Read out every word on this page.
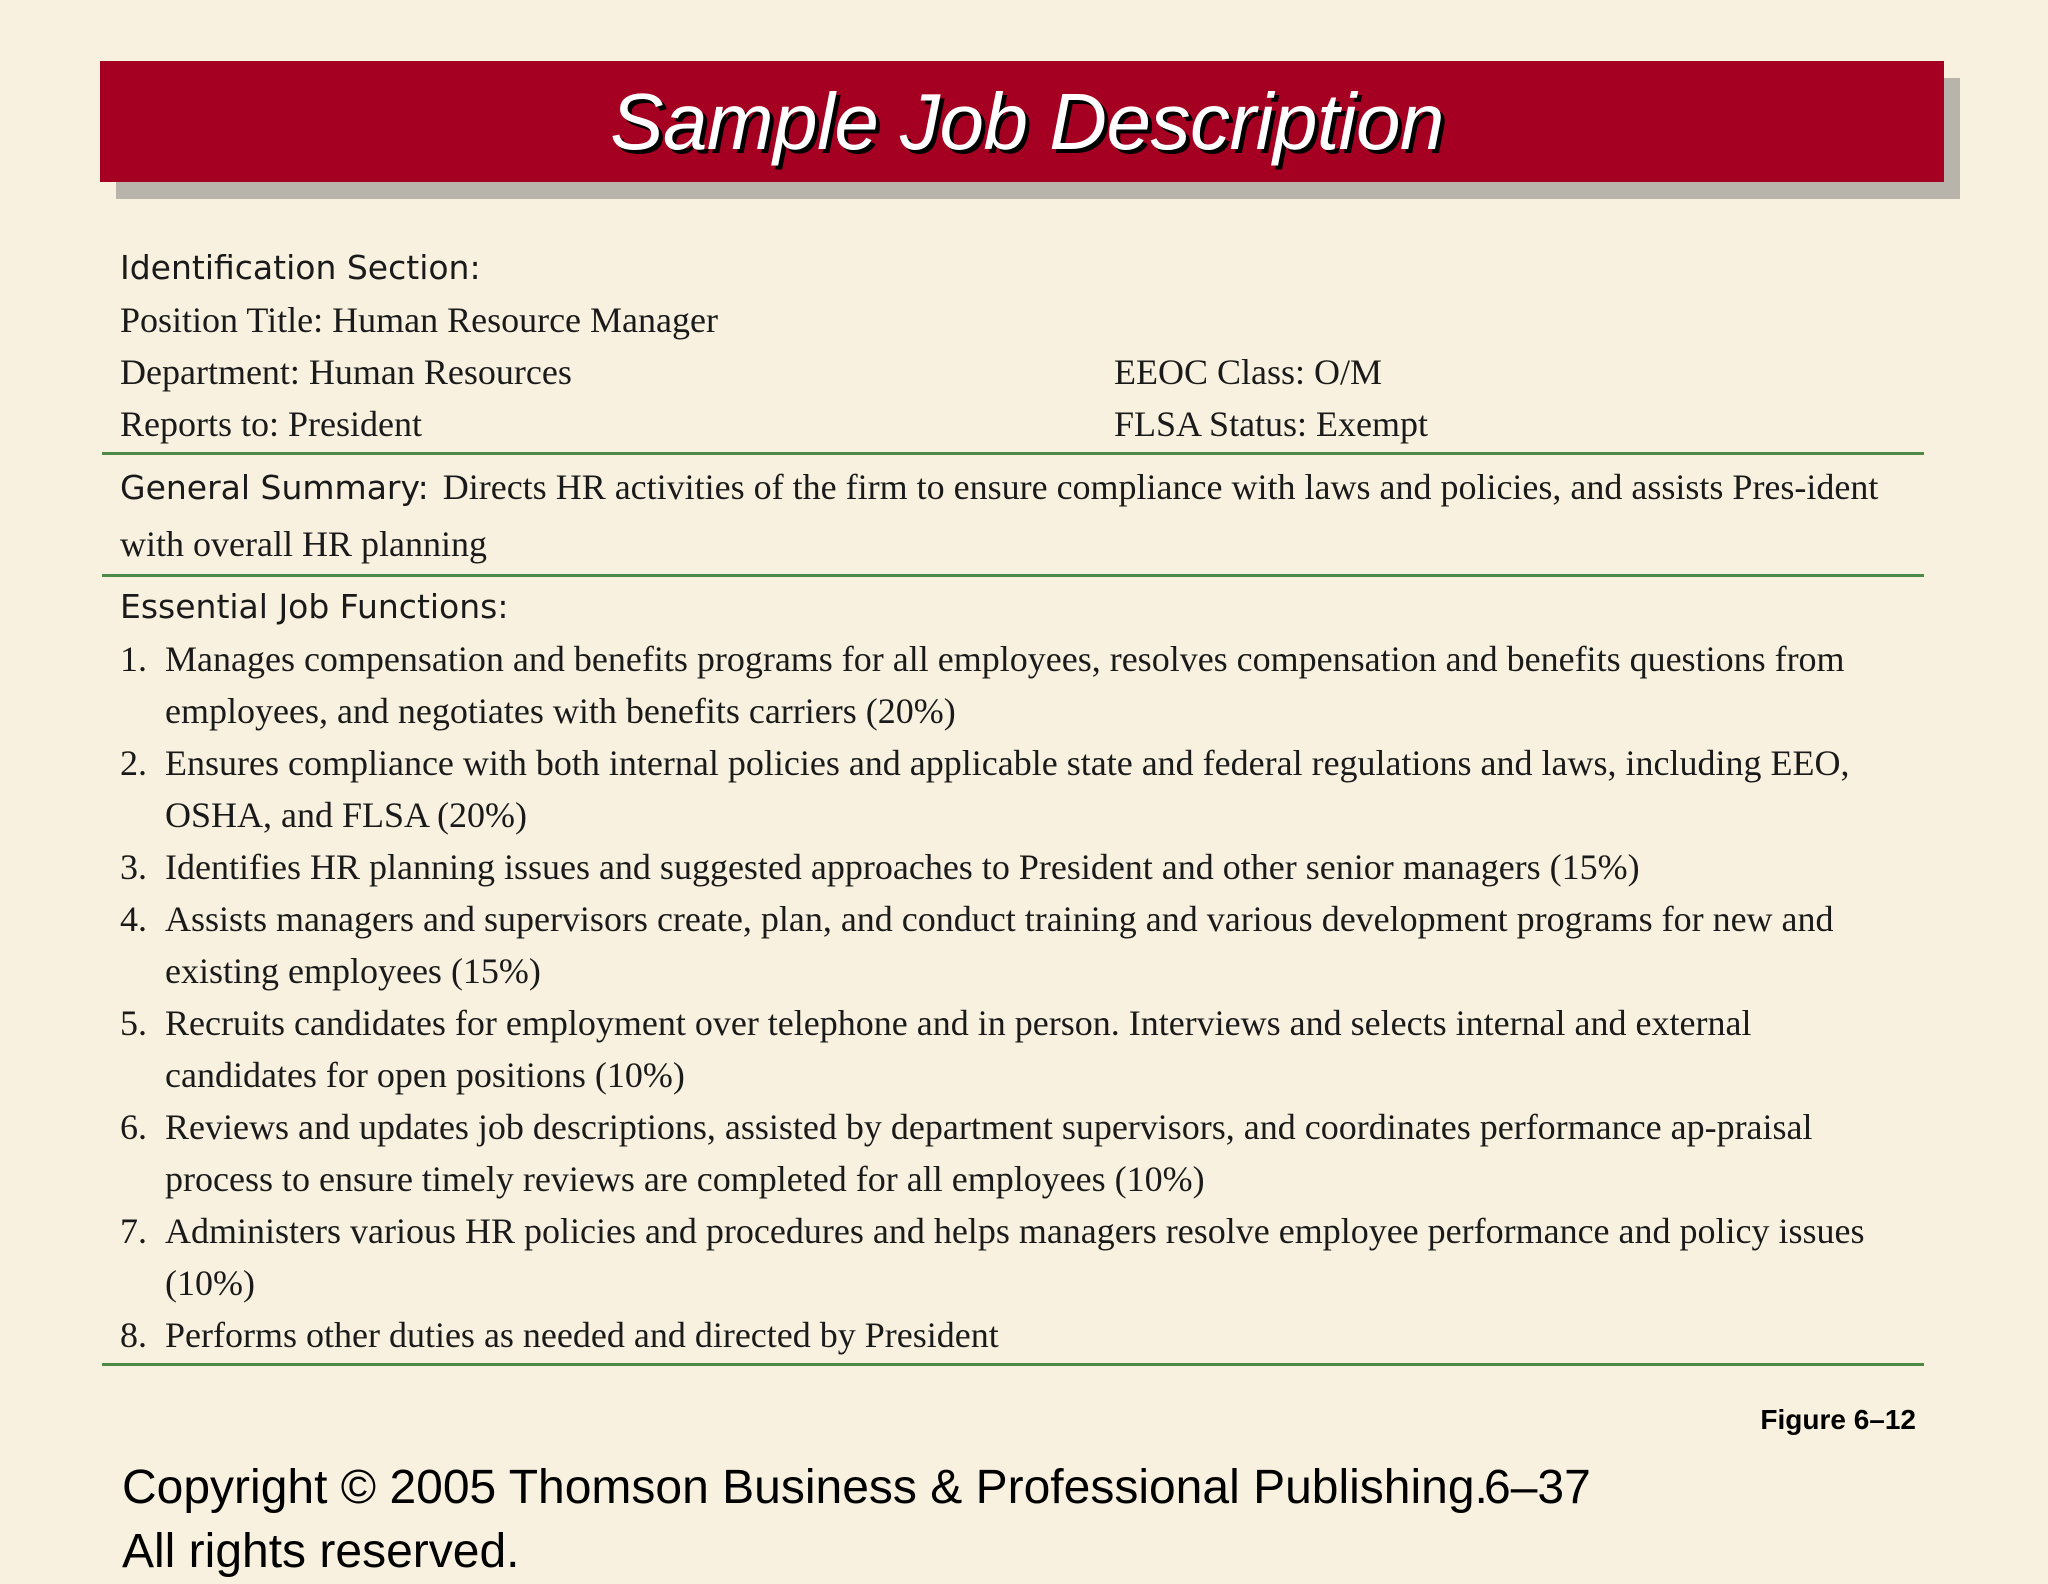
Sample Job Description
Identification Section:
Position Title: Human Resource Manager
Department: Human Resources	EEOC Class: O/M
Reports to: President	FLSA Status: Exempt
General Summary: Directs HR activities of the firm to ensure compliance with laws and policies, and assists Pres-ident with overall HR planning
Essential Job Functions:
1. Manages compensation and benefits programs for all employees, resolves compensation and benefits questions from employees, and negotiates with benefits carriers (20%)
2. Ensures compliance with both internal policies and applicable state and federal regulations and laws, including EEO, OSHA, and FLSA (20%)
3. Identifies HR planning issues and suggested approaches to President and other senior managers (15%)
4. Assists managers and supervisors create, plan, and conduct training and various development programs for new and existing employees (15%)
5. Recruits candidates for employment over telephone and in person. Interviews and selects internal and external candidates for open positions (10%)
6. Reviews and updates job descriptions, assisted by department supervisors, and coordinates performance ap-praisal process to ensure timely reviews are completed for all employees (10%)
7. Administers various HR policies and procedures and helps managers resolve employee performance and policy issues (10%)
8. Performs other duties as needed and directed by President
Figure 6–12
Copyright © 2005 Thomson Business & Professional Publishing. All rights reserved.
6–37
